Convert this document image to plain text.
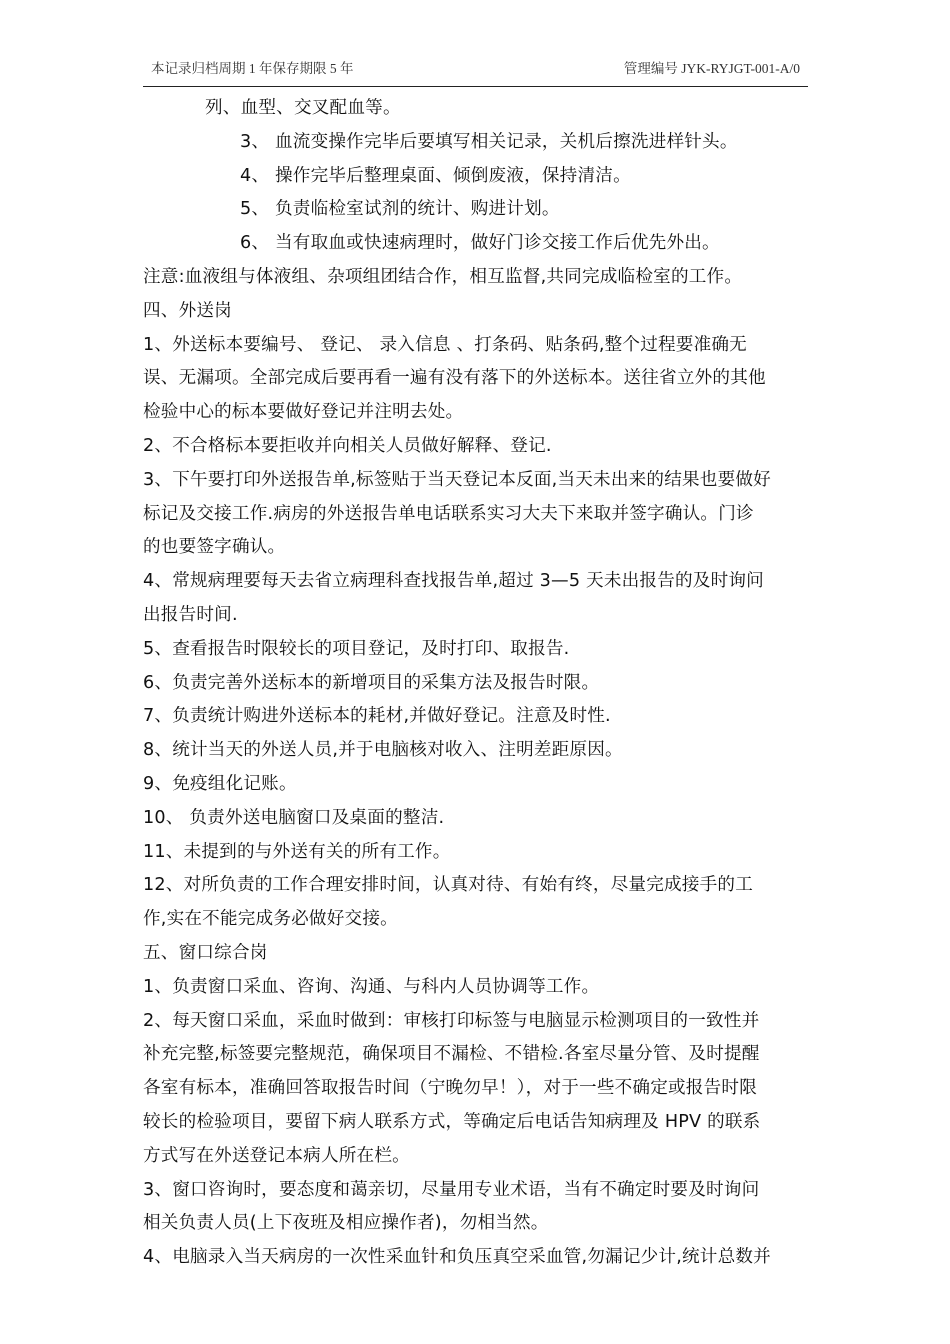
本记录归档周期 1 年保存期限 5 年	管理编号 JYK-RYJGT-001-A/0

列、血型、交叉配血等。

3、 血流变操作完毕后要填写相关记录，关机后擦洗进样针头。

4、 操作完毕后整理桌面、倾倒废液，保持清洁。

5、 负责临检室试剂的统计、购进计划。

6、 当有取血或快速病理时，做好门诊交接工作后优先外出。

注意:血液组与体液组、杂项组团结合作，相互监督,共同完成临检室的工作。

四、外送岗

1、外送标本要编号、 登记、 录入信息 、打条码、贴条码,整个过程要准确无

误、无漏项。全部完成后要再看一遍有没有落下的外送标本。送往省立外的其他

检验中心的标本要做好登记并注明去处。

2、不合格标本要拒收并向相关人员做好解释、登记.

3、下午要打印外送报告单,标签贴于当天登记本反面,当天未出来的结果也要做好

标记及交接工作.病房的外送报告单电话联系实习大夫下来取并签字确认。门诊

的也要签字确认。

4、常规病理要每天去省立病理科查找报告单,超过 3—5 天未出报告的及时询问

出报告时间.

5、查看报告时限较长的项目登记，及时打印、取报告.

6、负责完善外送标本的新增项目的采集方法及报告时限。

7、负责统计购进外送标本的耗材,并做好登记。注意及时性.

8、统计当天的外送人员,并于电脑核对收入、注明差距原因。

9、免疫组化记账。

10、 负责外送电脑窗口及桌面的整洁.

11、未提到的与外送有关的所有工作。

12、对所负责的工作合理安排时间，认真对待、有始有终，尽量完成接手的工

作,实在不能完成务必做好交接。

五、窗口综合岗

1、负责窗口采血、咨询、沟通、与科内人员协调等工作。

2、每天窗口采血，采血时做到：审核打印标签与电脑显示检测项目的一致性并

补充完整,标签要完整规范，确保项目不漏检、不错检.各室尽量分管、及时提醒

各室有标本，准确回答取报告时间（宁晚勿早！），对于一些不确定或报告时限

较长的检验项目，要留下病人联系方式，等确定后电话告知病理及 HPV 的联系

方式写在外送登记本病人所在栏。

3、窗口咨询时，要态度和蔼亲切，尽量用专业术语，当有不确定时要及时询问

相关负责人员(上下夜班及相应操作者)，勿相当然。

4、电脑录入当天病房的一次性采血针和负压真空采血管,勿漏记少计,统计总数并
